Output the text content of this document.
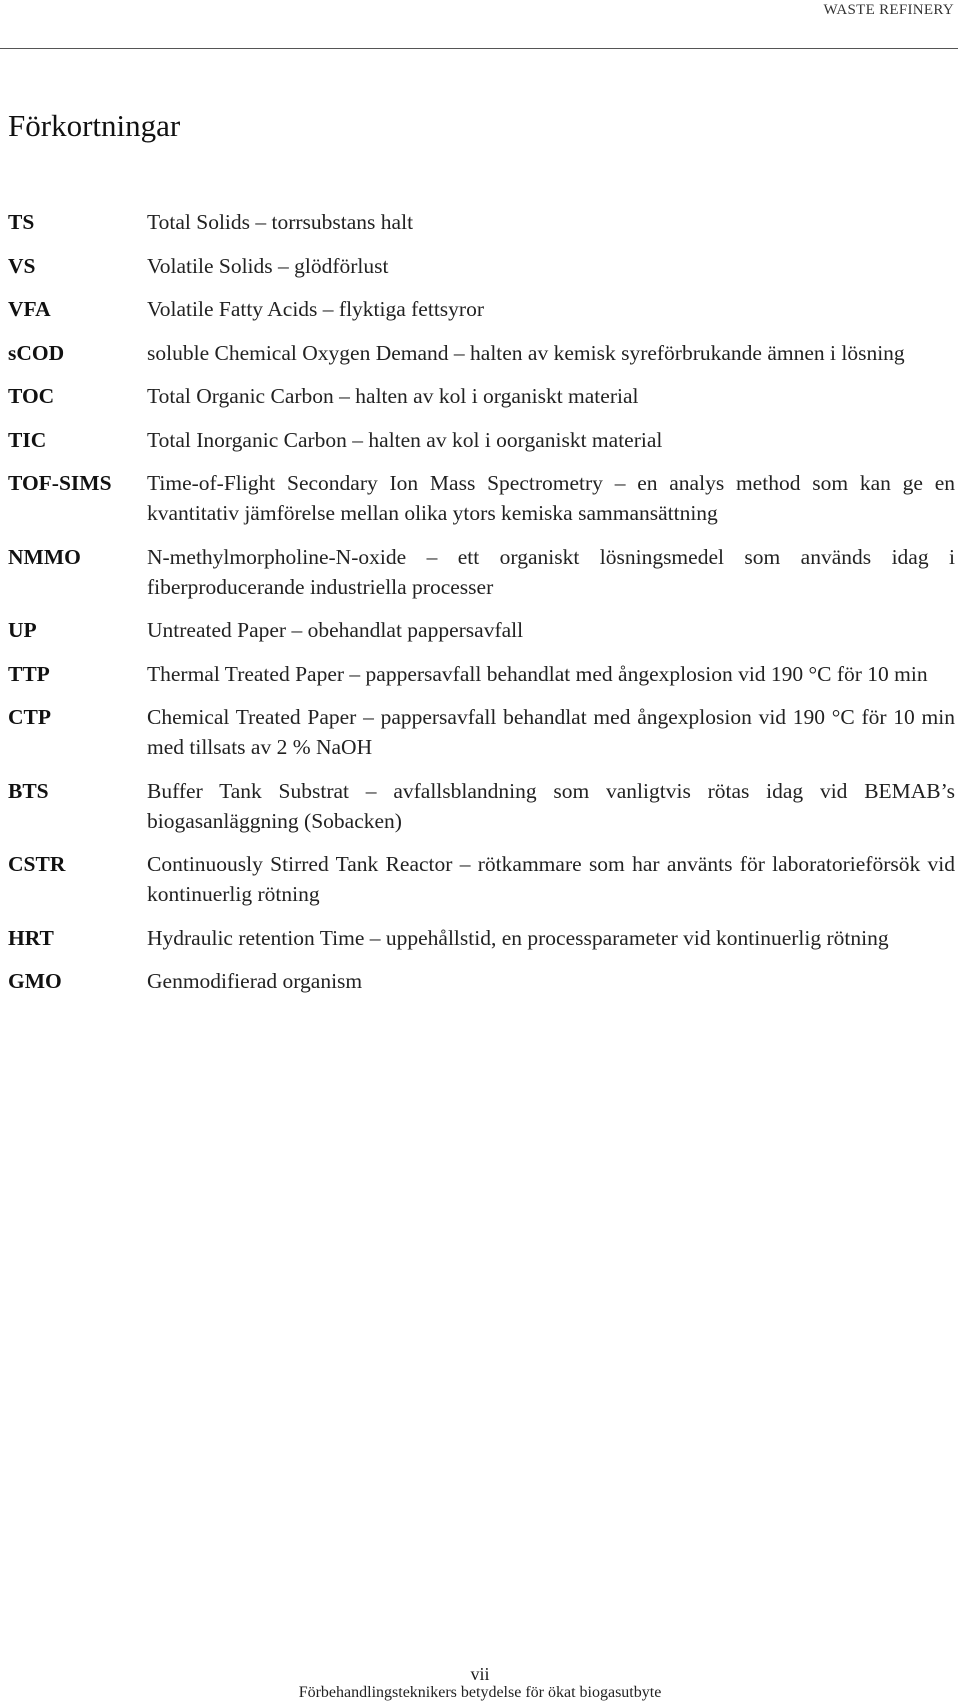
WASTE REFINERY
Förkortningar
TS	Total Solids – torrsubstans halt
VS	Volatile Solids – glödförlust
VFA	Volatile Fatty Acids – flyktiga fettsyror
sCOD	soluble Chemical Oxygen Demand – halten av kemisk syreförbrukande ämnen i lösning
TOC	Total Organic Carbon – halten av kol i organiskt material
TIC	Total Inorganic Carbon – halten av kol i oorganiskt material
TOF-SIMS	Time-of-Flight Secondary Ion Mass Spectrometry – en analys method som kan ge en kvantitativ jämförelse mellan olika ytors kemiska sammansättning
NMMO	N-methylmorpholine-N-oxide – ett organiskt lösningsmedel som används idag i fiberproducerande industriella processer
UP	Untreated Paper – obehandlat pappersavfall
TTP	Thermal Treated Paper – pappersavfall behandlat med ångexplosion vid 190 °C för 10 min
CTP	Chemical Treated Paper – pappersavfall behandlat med ångexplosion vid 190 °C för 10 min med tillsats av 2 % NaOH
BTS	Buffer Tank Substrat – avfallsblandning som vanligtvis rötas idag vid BEMAB’s biogasanläggning (Sobacken)
CSTR	Continuously Stirred Tank Reactor – rötkammare som har använts för laboratorieförsök vid kontinuerlig rötning
HRT	Hydraulic retention Time – uppehållstid, en processparameter vid kontinuerlig rötning
GMO	Genmodifierad organism
vii
Förbehandlingsteknikers betydelse för ökat biogasutbyte
